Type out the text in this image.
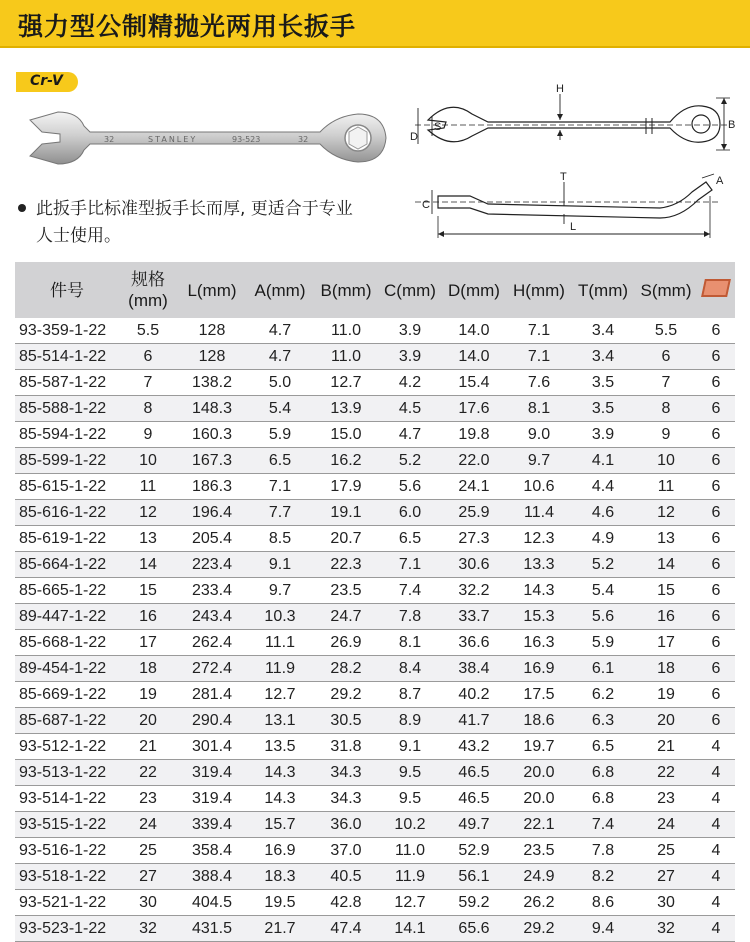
强力型公制精抛光两用长扳手
Cr-V
32	STANLEY	93-523	32
H
B
D
S
T
C
A
L
此扳手比标准型扳手长而厚, 更适合于专业
人士使用。
件号	规格
(mm)	L(mm)	A(mm)	B(mm)	C(mm)	D(mm)	H(mm)	T(mm)	S(mm)	
93-359-1-22	5.5	128	4.7	11.0	3.9	14.0	7.1	3.4	5.5	6
85-514-1-22	6	128	4.7	11.0	3.9	14.0	7.1	3.4	6	6
85-587-1-22	7	138.2	5.0	12.7	4.2	15.4	7.6	3.5	7	6
85-588-1-22	8	148.3	5.4	13.9	4.5	17.6	8.1	3.5	8	6
85-594-1-22	9	160.3	5.9	15.0	4.7	19.8	9.0	3.9	9	6
85-599-1-22	10	167.3	6.5	16.2	5.2	22.0	9.7	4.1	10	6
85-615-1-22	11	186.3	7.1	17.9	5.6	24.1	10.6	4.4	11	6
85-616-1-22	12	196.4	7.7	19.1	6.0	25.9	11.4	4.6	12	6
85-619-1-22	13	205.4	8.5	20.7	6.5	27.3	12.3	4.9	13	6
85-664-1-22	14	223.4	9.1	22.3	7.1	30.6	13.3	5.2	14	6
85-665-1-22	15	233.4	9.7	23.5	7.4	32.2	14.3	5.4	15	6
89-447-1-22	16	243.4	10.3	24.7	7.8	33.7	15.3	5.6	16	6
85-668-1-22	17	262.4	11.1	26.9	8.1	36.6	16.3	5.9	17	6
89-454-1-22	18	272.4	11.9	28.2	8.4	38.4	16.9	6.1	18	6
85-669-1-22	19	281.4	12.7	29.2	8.7	40.2	17.5	6.2	19	6
85-687-1-22	20	290.4	13.1	30.5	8.9	41.7	18.6	6.3	20	6
93-512-1-22	21	301.4	13.5	31.8	9.1	43.2	19.7	6.5	21	4
93-513-1-22	22	319.4	14.3	34.3	9.5	46.5	20.0	6.8	22	4
93-514-1-22	23	319.4	14.3	34.3	9.5	46.5	20.0	6.8	23	4
93-515-1-22	24	339.4	15.7	36.0	10.2	49.7	22.1	7.4	24	4
93-516-1-22	25	358.4	16.9	37.0	11.0	52.9	23.5	7.8	25	4
93-518-1-22	27	388.4	18.3	40.5	11.9	56.1	24.9	8.2	27	4
93-521-1-22	30	404.5	19.5	42.8	12.7	59.2	26.2	8.6	30	4
93-523-1-22	32	431.5	21.7	47.4	14.1	65.6	29.2	9.4	32	4
